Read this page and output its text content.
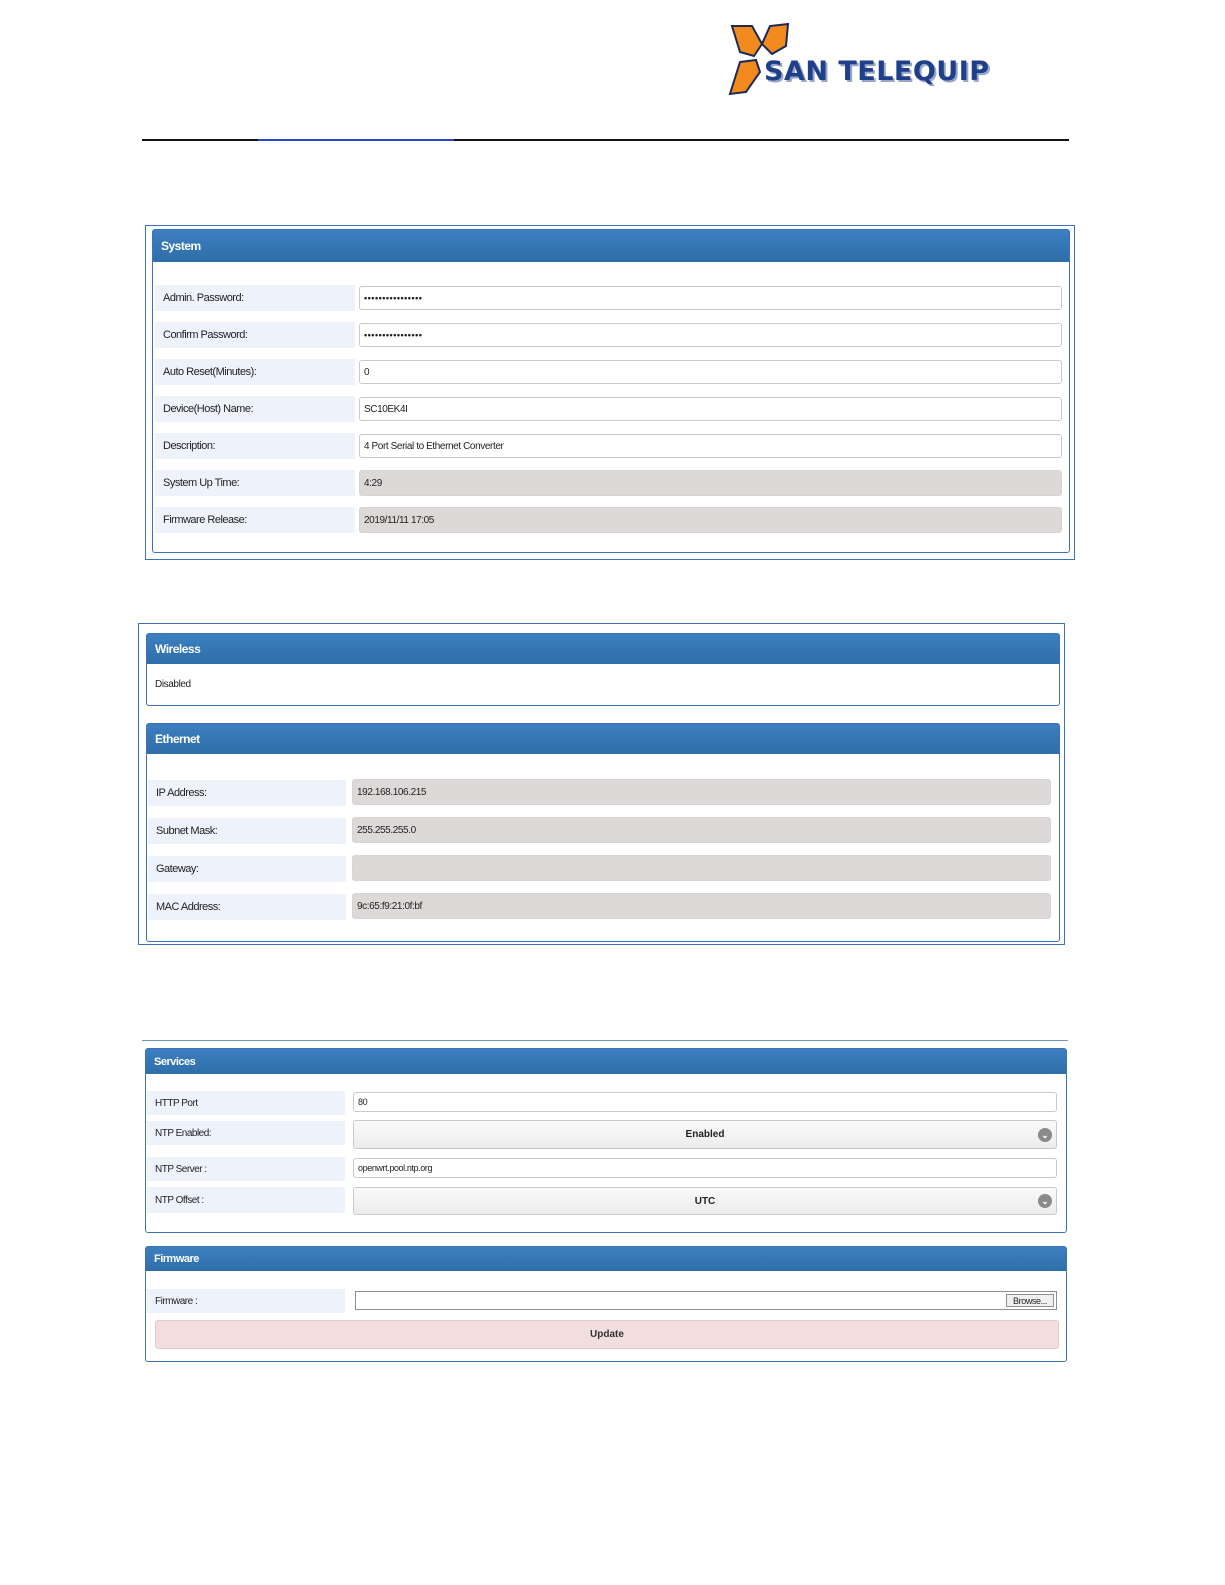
SAN TELEQUIP
System
Admin. Password:	••••••••••••••••
Confirm Password:	••••••••••••••••
Auto Reset(Minutes):	0
Device(Host) Name:	SC10EK4I
Description:	4 Port Serial to Ethernet Converter
System Up Time:	4:29
Firmware Release:	2019/11/11 17:05
Wireless
Disabled
Ethernet
IP Address:	192.168.106.215
Subnet Mask:	255.255.255.0
Gateway:
MAC Address:	9c:65:f9:21:0f:bf
Services
HTTP Port	80
NTP Enabled:	Enabled	⌄
NTP Server :	openwrt.pool.ntp.org
NTP Offset :	UTC	⌄
Firmware
Firmware :	Browse...
Update
